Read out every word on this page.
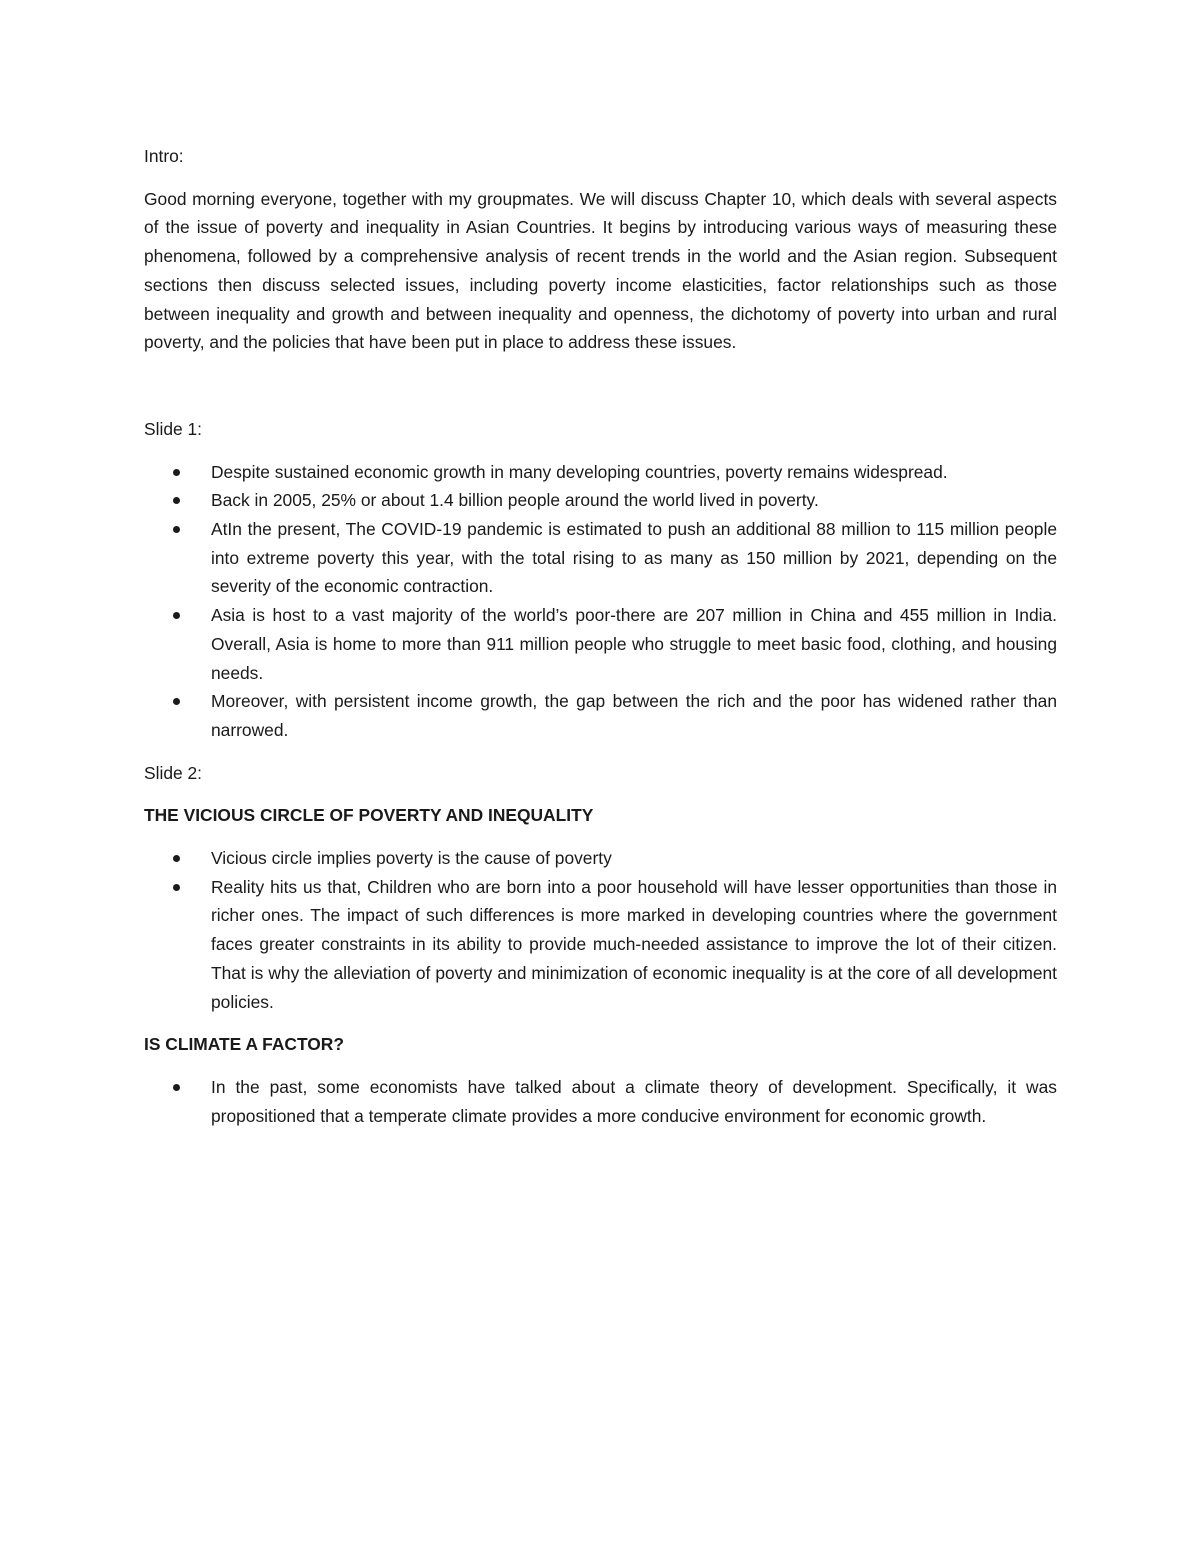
Intro:

Good morning everyone, together with my groupmates. We will discuss Chapter 10, which deals with several aspects of the issue of poverty and inequality in Asian Countries. It begins by introducing various ways of measuring these phenomena, followed by a comprehensive analysis of recent trends in the world and the Asian region. Subsequent sections then discuss selected issues, including poverty income elasticities, factor relationships such as those between inequality and growth and between inequality and openness, the dichotomy of poverty into urban and rural poverty, and the policies that have been put in place to address these issues.

Slide 1:

Despite sustained economic growth in many developing countries, poverty remains widespread.
Back in 2005, 25% or about 1.4 billion people around the world lived in poverty.
AtIn the present, The COVID-19 pandemic is estimated to push an additional 88 million to 115 million people into extreme poverty this year, with the total rising to as many as 150 million by 2021, depending on the severity of the economic contraction.
Asia is host to a vast majority of the world’s poor-there are 207 million in China and 455 million in India. Overall, Asia is home to more than 911 million people who struggle to meet basic food, clothing, and housing needs.
Moreover, with persistent income growth, the gap between the rich and the poor has widened rather than narrowed.

Slide 2:

THE VICIOUS CIRCLE OF POVERTY AND INEQUALITY

Vicious circle implies poverty is the cause of poverty
Reality hits us that, Children who are born into a poor household will have lesser opportunities than those in richer ones. The impact of such differences is more marked in developing countries where the government faces greater constraints in its ability to provide much-needed assistance to improve the lot of their citizen. That is why the alleviation of poverty and minimization of economic inequality is at the core of all development policies.

IS CLIMATE A FACTOR?

In the past, some economists have talked about a climate theory of development. Specifically, it was propositioned that a temperate climate provides a more conducive environment for economic growth.
